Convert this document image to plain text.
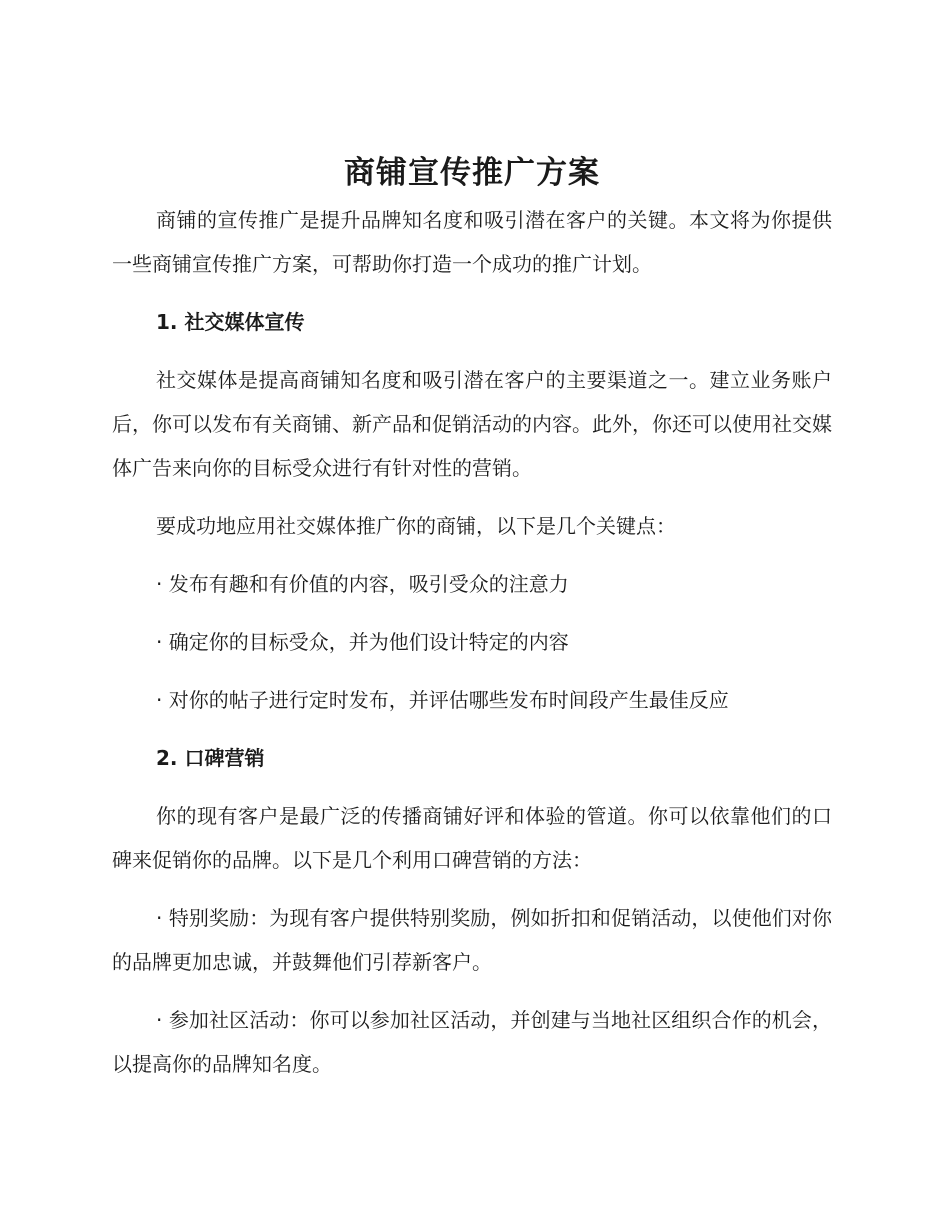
商铺宣传推广方案

商铺的宣传推广是提升品牌知名度和吸引潜在客户的关键。本文将为你提供一些商铺宣传推广方案，可帮助你打造一个成功的推广计划。

1. 社交媒体宣传

社交媒体是提高商铺知名度和吸引潜在客户的主要渠道之一。建立业务账户后，你可以发布有关商铺、新产品和促销活动的内容。此外，你还可以使用社交媒体广告来向你的目标受众进行有针对性的营销。

要成功地应用社交媒体推广你的商铺，以下是几个关键点：

· 发布有趣和有价值的内容，吸引受众的注意力

· 确定你的目标受众，并为他们设计特定的内容

· 对你的帖子进行定时发布，并评估哪些发布时间段产生最佳反应

2. 口碑营销

你的现有客户是最广泛的传播商铺好评和体验的管道。你可以依靠他们的口碑来促销你的品牌。以下是几个利用口碑营销的方法：

· 特别奖励：为现有客户提供特别奖励，例如折扣和促销活动，以使他们对你的品牌更加忠诚，并鼓舞他们引荐新客户。

· 参加社区活动：你可以参加社区活动，并创建与当地社区组织合作的机会，以提高你的品牌知名度。
